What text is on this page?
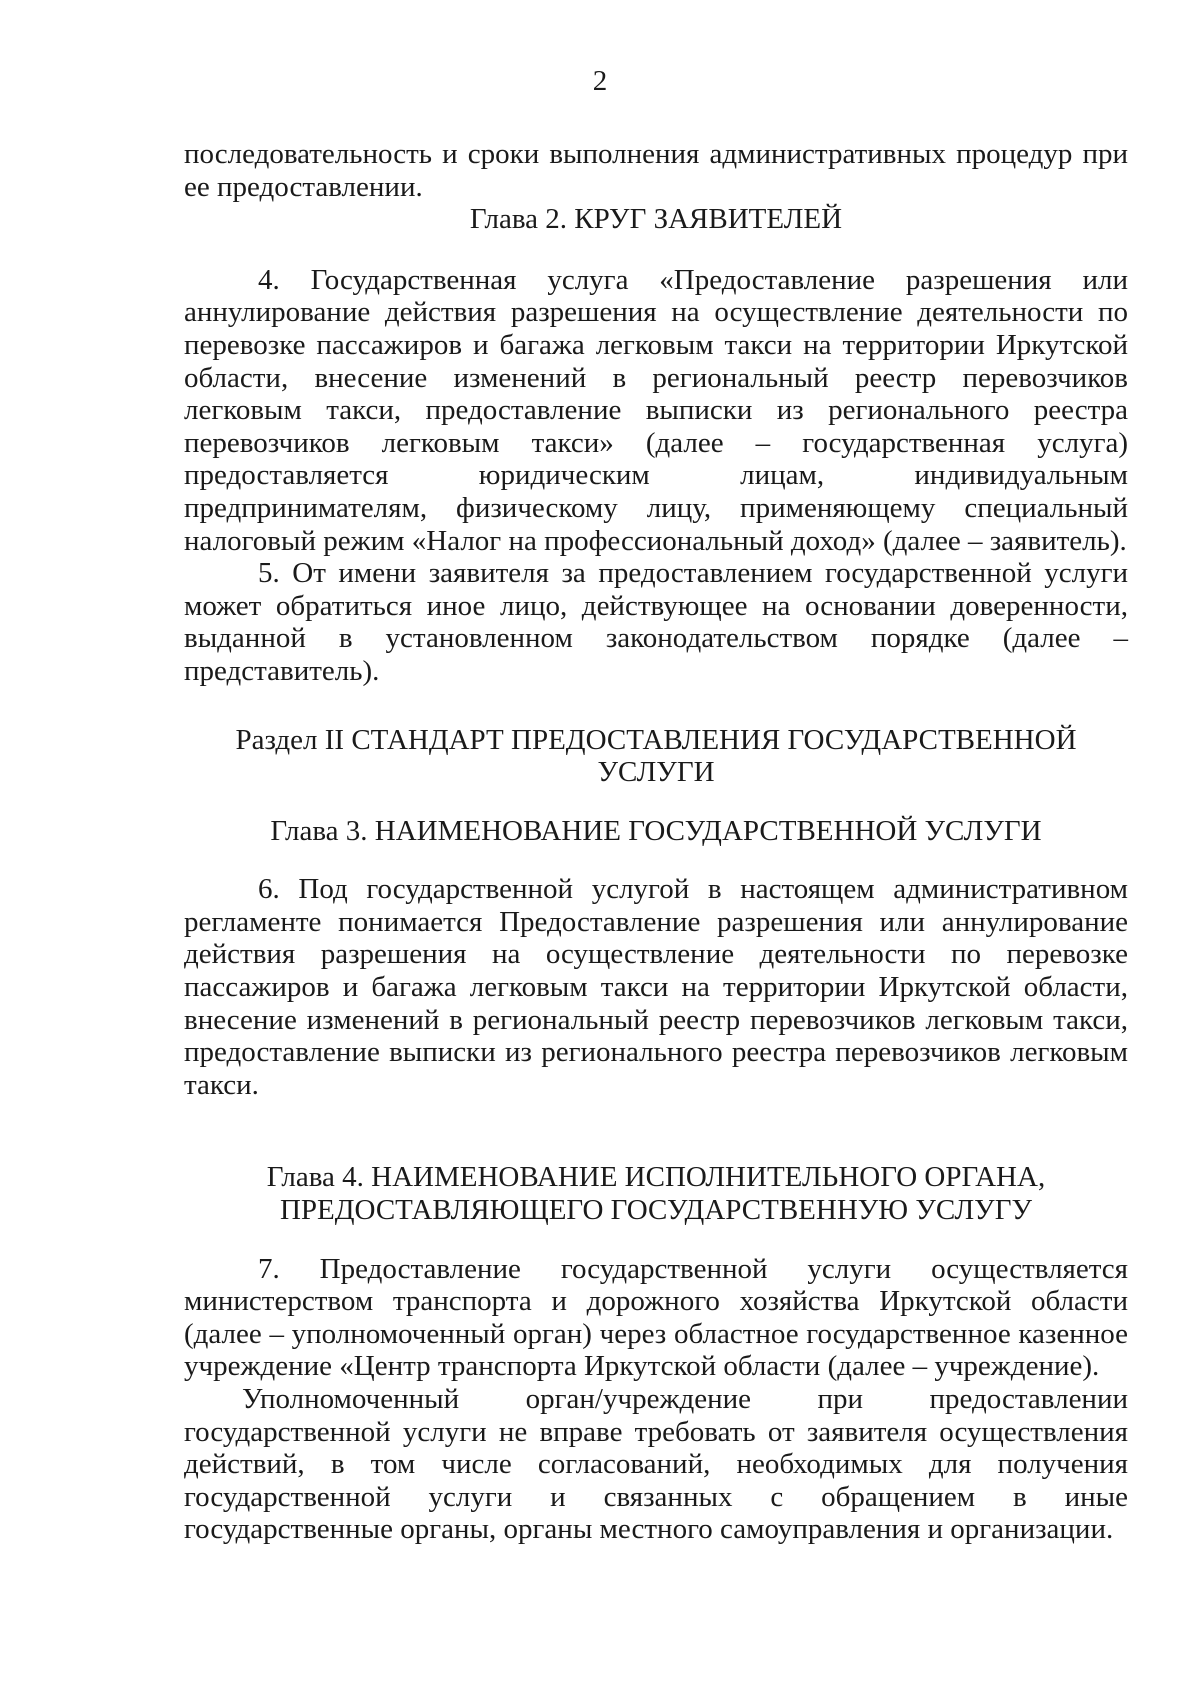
2

последовательность и сроки выполнения административных процедур при ее предоставлении.

Глава 2. КРУГ ЗАЯВИТЕЛЕЙ

4. Государственная услуга «Предоставление разрешения или аннулирование действия разрешения на осуществление деятельности по перевозке пассажиров и багажа легковым такси на территории Иркутской области, внесение изменений в региональный реестр перевозчиков легковым такси, предоставление выписки из регионального реестра перевозчиков легковым такси» (далее – государственная услуга) предоставляется юридическим лицам, индивидуальным предпринимателям, физическому лицу, применяющему специальный налоговый режим «Налог на профессиональный доход» (далее – заявитель).

5. От имени заявителя за предоставлением государственной услуги может обратиться иное лицо, действующее на основании доверенности, выданной в установленном законодательством порядке (далее – представитель).

Раздел II СТАНДАРТ ПРЕДОСТАВЛЕНИЯ ГОСУДАРСТВЕННОЙ
УСЛУГИ
Глава 3. НАИМЕНОВАНИЕ ГОСУДАРСТВЕННОЙ УСЛУГИ

6. Под государственной услугой в настоящем административном регламенте понимается Предоставление разрешения или аннулирование действия разрешения на осуществление деятельности по перевозке пассажиров и багажа легковым такси на территории Иркутской области, внесение изменений в региональный реестр перевозчиков легковым такси, предоставление выписки из регионального реестра перевозчиков легковым такси.

Глава 4. НАИМЕНОВАНИЕ ИСПОЛНИТЕЛЬНОГО ОРГАНА,
ПРЕДОСТАВЛЯЮЩЕГО ГОСУДАРСТВЕННУЮ УСЛУГУ

7. Предоставление государственной услуги осуществляется министерством транспорта и дорожного хозяйства Иркутской области (далее – уполномоченный орган) через областное государственное казенное учреждение «Центр транспорта Иркутской области (далее – учреждение).

Уполномоченный орган/учреждение при предоставлении государственной услуги не вправе требовать от заявителя осуществления действий, в том числе согласований, необходимых для получения государственной услуги и связанных с обращением в иные государственные органы, органы местного самоуправления и организации.
